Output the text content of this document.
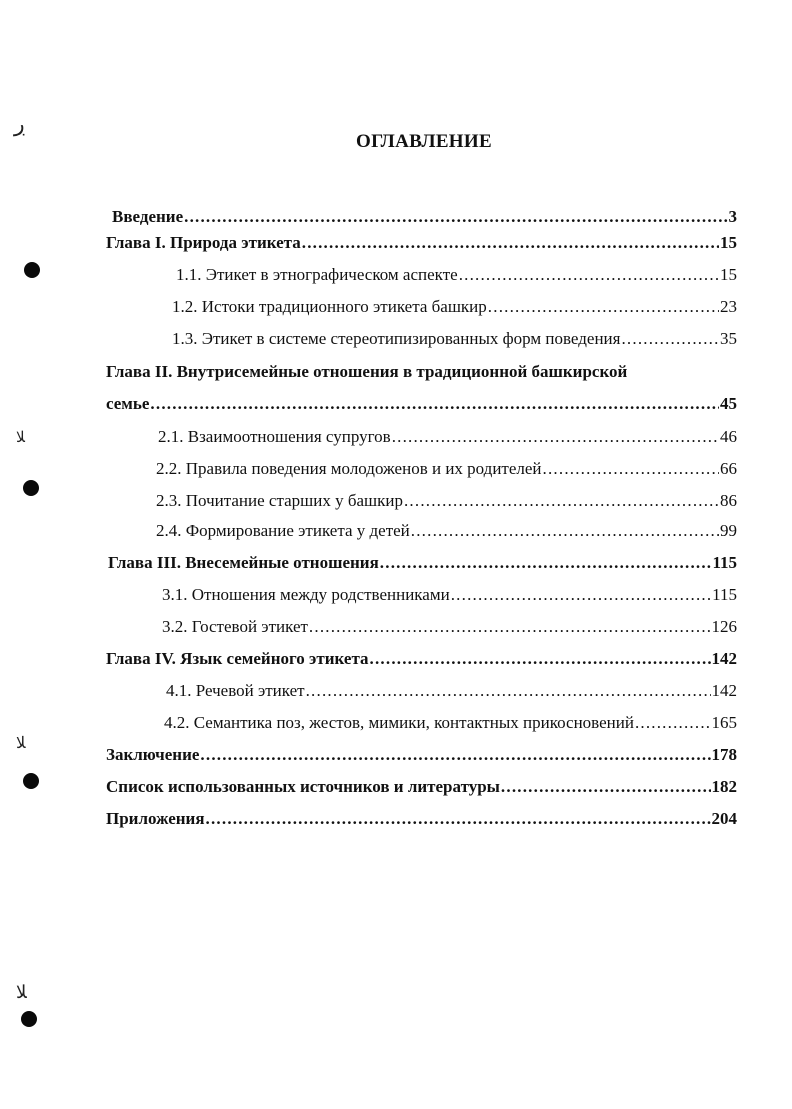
ڔ
ﻼ
ﻼ
ﻼ
ОГЛАВЛЕНИЕ
Введение .....	3
Глава I. Природа этикета .....	15
1.1. Этикет в этнографическом аспекте .....	15
1.2. Истоки традиционного этикета башкир .....	23
1.3. Этикет в системе стереотипизированных форм поведения .....	35
Глава II. Внутрисемейные отношения в традиционной башкирской
семье .....	45
2.1. Взаимоотношения супругов .....	46
2.2. Правила поведения молодоженов и их родителей .....	66
2.3. Почитание старших у башкир .....	86
2.4. Формирование этикета у детей .....	99
Глава III. Внесемейные отношения .....	115
3.1. Отношения между родственниками .....	115
3.2. Гостевой этикет .....	126
Глава IV. Язык семейного этикета .....	142
4.1. Речевой этикет .....	142
4.2. Семантика поз, жестов, мимики, контактных прикосновений .....	165
Заключение .....	178
Список использованных источников и литературы .....	182
Приложения .....	204
